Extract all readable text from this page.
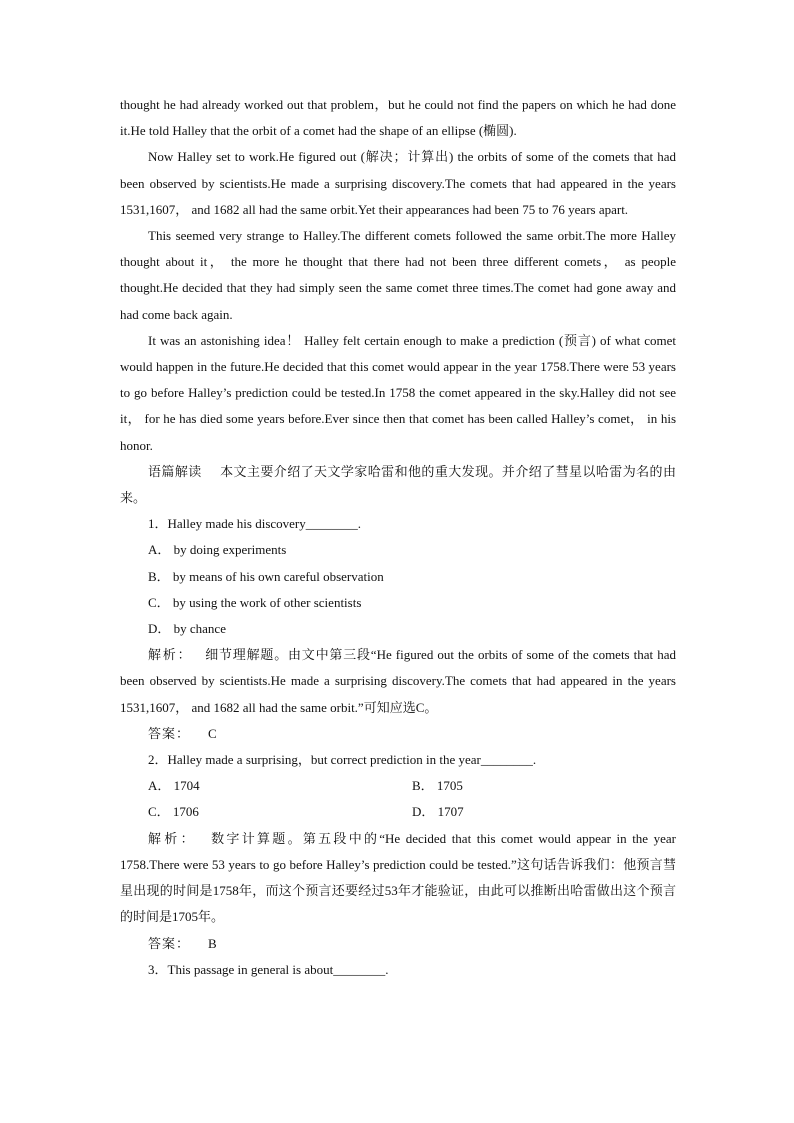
thought he had already worked out that problem，but he could not find the papers on which he had done it.He told Halley that the orbit of a comet had the shape of an ellipse (椭圆).

Now Halley set to work.He figured out (解决；计算出) the orbits of some of the comets that had been observed by scientists.He made a surprising discovery.The comets that had appeared in the years 1531,1607， and 1682 all had the same orbit.Yet their appearances had been 75 to 76 years apart.

This seemed very strange to Halley.The different comets followed the same orbit.The more Halley thought about it， the more he thought that there had not been three different comets， as people thought.He decided that they had simply seen the same comet three times.The comet had gone away and had come back again.

It was an astonishing idea！ Halley felt certain enough to make a prediction (预言) of what comet would happen in the future.He decided that this comet would appear in the year 1758.There were 53 years to go before Halley’s prediction could be tested.In 1758 the comet appeared in the sky.Halley did not see it， for he has died some years before.Ever since then that comet has been called Halley’s comet， in his honor.

语篇解读 本文主要介绍了天文学家哈雷和他的重大发现。并介绍了彗星以哈雷为名的由来。

1．Halley made his discovery________.

A． by doing experiments

B． by means of his own careful observation

C． by using the work of other scientists

D． by chance

解析： 细节理解题。由文中第三段“He figured out the orbits of some of the comets that had been observed by scientists.He made a surprising discovery.The comets that had appeared in the years 1531,1607， and 1682 all had the same orbit.”可知应选C。

答案： C

2．Halley made a surprising，but correct prediction in the year________.

A． 1704	B． 1705
C． 1706	D． 1707

解析： 数字计算题。第五段中的“He decided that this comet would appear in the year 1758.There were 53 years to go before Halley’s prediction could be tested.”这句话告诉我们：他预言彗星出现的时间是1758年，而这个预言还要经过53年才能验证，由此可以推断出哈雷做出这个预言的时间是1705年。

答案： B

3．This passage in general is about________.
